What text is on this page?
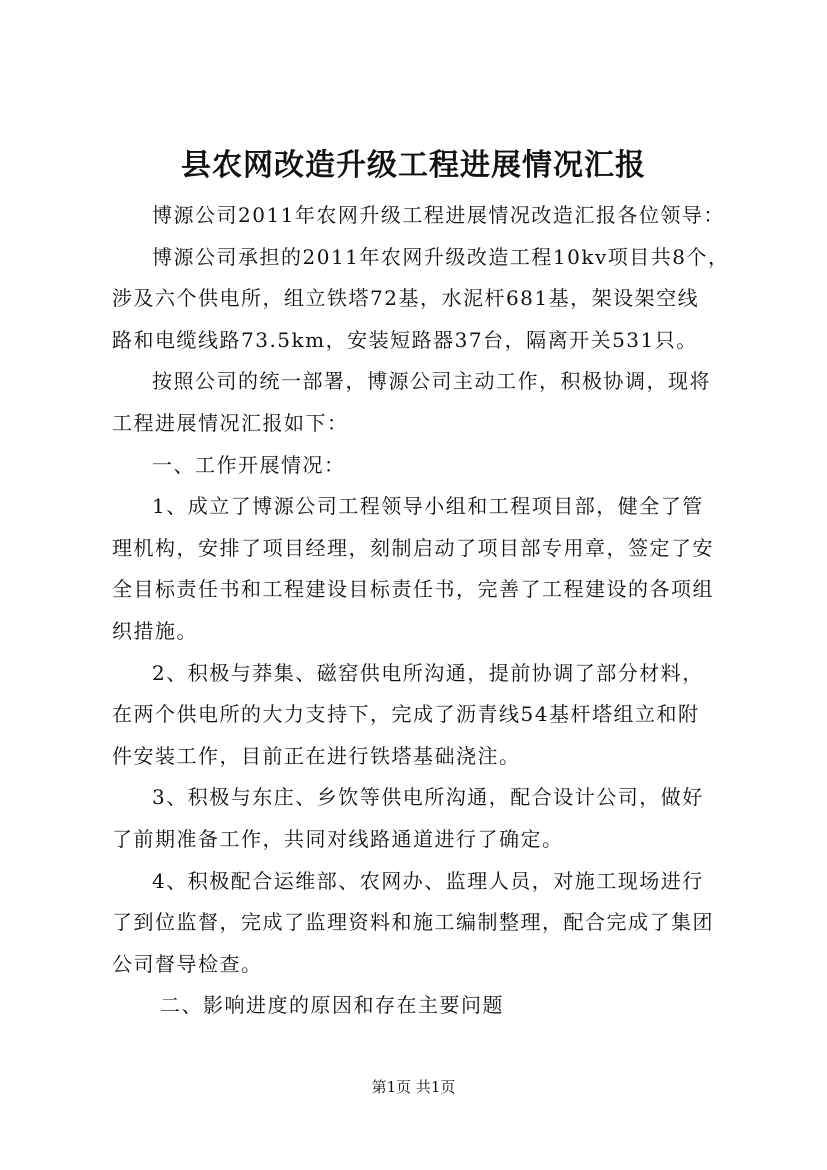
县农网改造升级工程进展情况汇报
博源公司2011年农网升级工程进展情况改造汇报各位领导：
博源公司承担的2011年农网升级改造工程10kv项目共8个，
涉及六个供电所，组立铁塔72基，水泥杆681基，架设架空线
路和电缆线路73.5km，安装短路器37台，隔离开关531只。
按照公司的统一部署，博源公司主动工作，积极协调，现将
工程进展情况汇报如下：
一、工作开展情况：
1、成立了博源公司工程领导小组和工程项目部，健全了管
理机构，安排了项目经理，刻制启动了项目部专用章，签定了安
全目标责任书和工程建设目标责任书，完善了工程建设的各项组
织措施。
2、积极与莽集、磁窑供电所沟通，提前协调了部分材料，
在两个供电所的大力支持下，完成了沥青线54基杆塔组立和附
件安装工作，目前正在进行铁塔基础浇注。
3、积极与东庄、乡饮等供电所沟通，配合设计公司，做好
了前期准备工作，共同对线路通道进行了确定。
4、积极配合运维部、农网办、监理人员，对施工现场进行
了到位监督，完成了监理资料和施工编制整理，配合完成了集团
公司督导检查。
二、影响进度的原因和存在主要问题
第1页 共1页
